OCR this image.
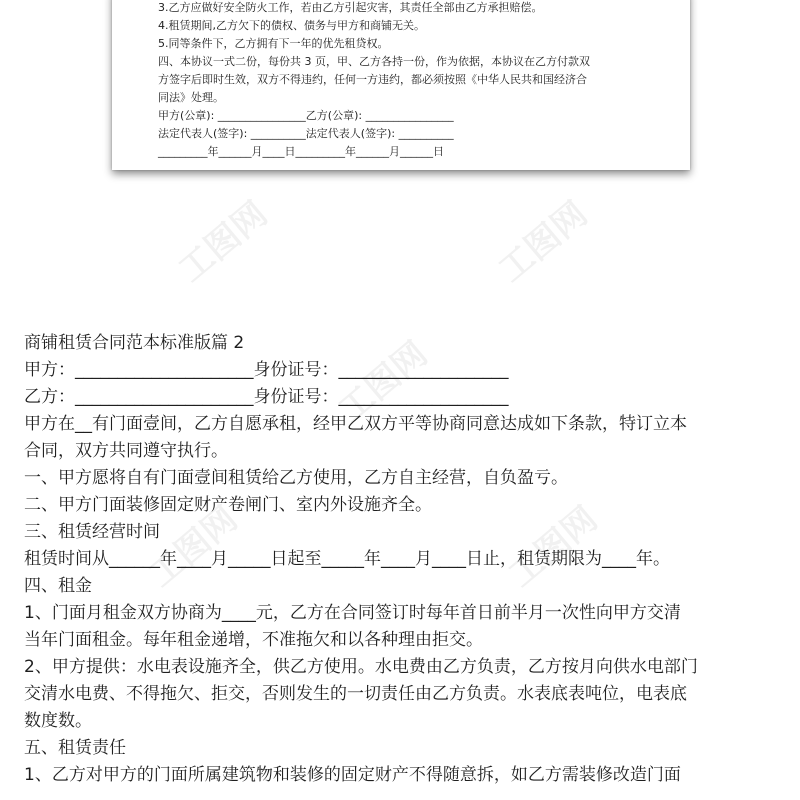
3.乙方应做好安全防火工作，若由乙方引起灾害，其责任全部由乙方承担赔偿。
4.租赁期间,乙方欠下的债权、债务与甲方和商铺无关。
5.同等条件下，乙方拥有下一年的优先租贷权。
四、本协议一式二份，每份共 3 页，甲、乙方各持一份，作为依据，本协议在乙方付款双
方签字后即时生效，双方不得违约，任何一方违约，都必须按照《中华人民共和国经济合
同法》处理。
甲方(公章): ________________乙方(公章): ________________
法定代表人(签字): __________法定代表人(签字): __________
_________年______月____日_________年______月______日
工图网	工图网
工图网
工图网	工图网
商铺租赁合同范本标准版篇 2
甲方：_____________________身份证号：____________________
乙方：_____________________身份证号：____________________
甲方在__有门面壹间，乙方自愿承租，经甲乙双方平等协商同意达成如下条款，特订立本
合同，双方共同遵守执行。
一、甲方愿将自有门面壹间租赁给乙方使用，乙方自主经营，自负盈亏。
二、甲方门面装修固定财产卷闸门、室内外设施齐全。
三、租赁经营时间
租赁时间从______年____月_____日起至_____年____月____日止，租赁期限为____年。
四、租金
1、门面月租金双方协商为____元，乙方在合同签订时每年首日前半月一次性向甲方交清
当年门面租金。每年租金递增，不准拖欠和以各种理由拒交。
2、甲方提供：水电表设施齐全，供乙方使用。水电费由乙方负责，乙方按月向供水电部门
交清水电费、不得拖欠、拒交，否则发生的一切责任由乙方负责。水表底表吨位，电表底
数度数。
五、租赁责任
1、乙方对甲方的门面所属建筑物和装修的固定财产不得随意拆，如乙方需装修改造门面
